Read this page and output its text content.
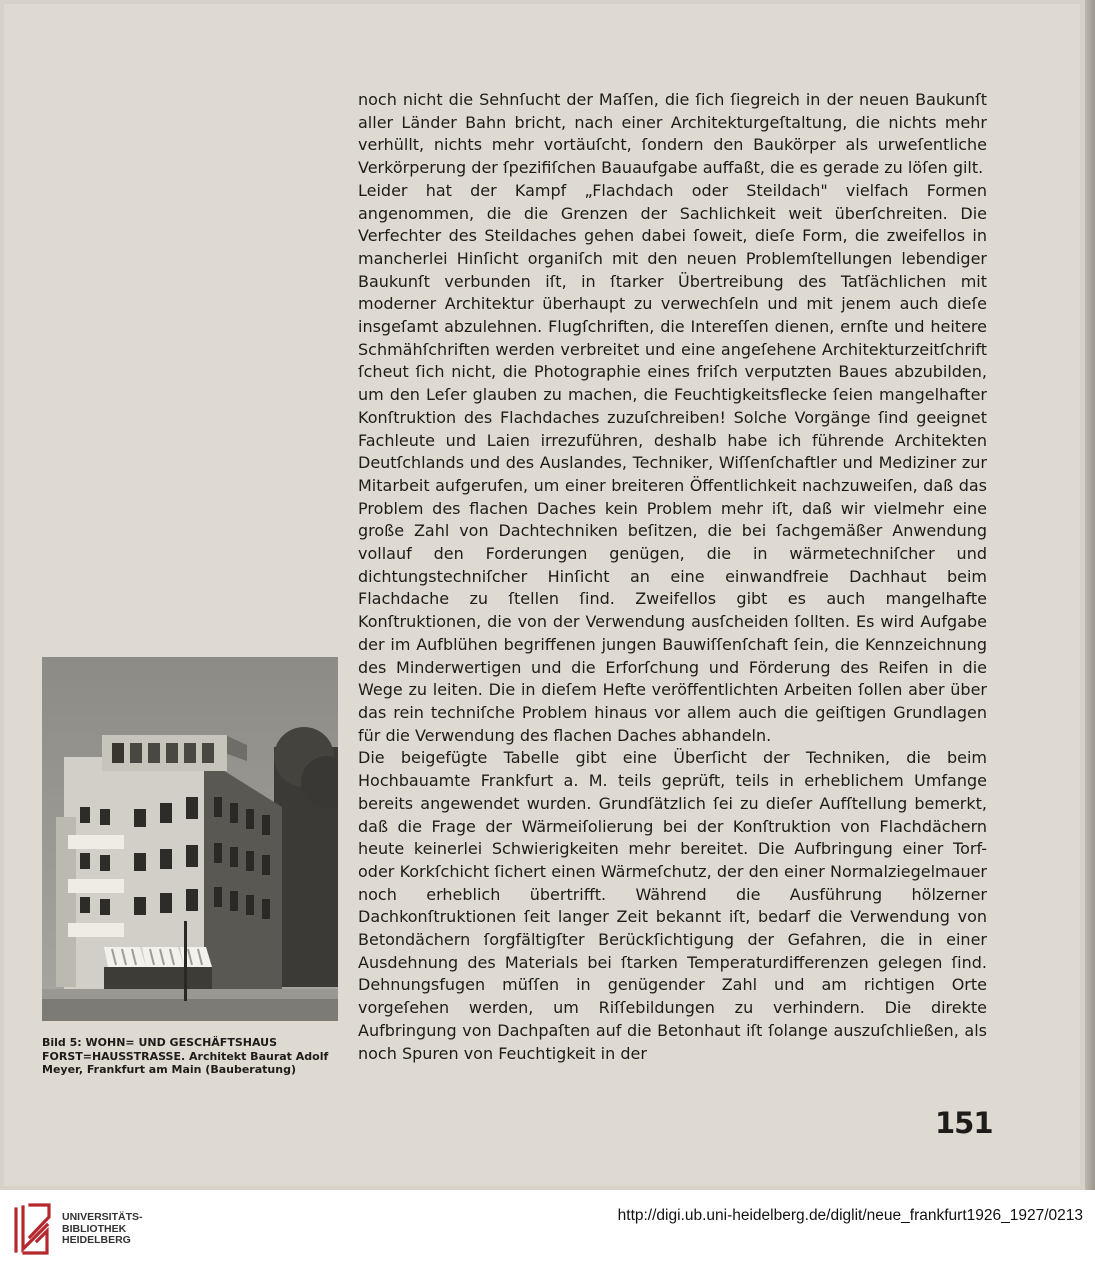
noch nicht die Sehnſucht der Maſſen, die ſich ſiegreich in der neuen Baukunſt aller Länder Bahn bricht, nach einer Architekturgeſtaltung, die nichts mehr verhüllt, nichts mehr vortäuſcht, ſondern den Baukörper als urweſentliche Verkörperung der ſpezifiſchen Bauaufgabe auffaßt, die es gerade zu löſen gilt.

Leider hat der Kampf „Flachdach oder Steildach" vielfach Formen angenommen, die die Grenzen der Sachlichkeit weit überſchreiten. Die Verfechter des Steildaches gehen dabei ſoweit, dieſe Form, die zweifellos in mancherlei Hinſicht organiſch mit den neuen Problemſtellungen lebendiger Baukunſt verbunden iſt, in ſtarker Übertreibung des Tatſächlichen mit moderner Architektur überhaupt zu verwechſeln und mit jenem auch dieſe insgeſamt abzulehnen. Flugſchriften, die Intereſſen dienen, ernſte und heitere Schmähſchriften werden verbreitet und eine angeſehene Architekturzeitſchrift ſcheut ſich nicht, die Photographie eines friſch verputzten Baues abzubilden, um den Leſer glauben zu machen, die Feuchtigkeitsflecke ſeien mangelhafter Konſtruktion des Flachdaches zuzuſchreiben! Solche Vorgänge ſind geeignet Fachleute und Laien irrezuführen, deshalb habe ich führende Architekten Deutſchlands und des Auslandes, Techniker, Wiſſenſchaftler und Mediziner zur Mitarbeit aufgerufen, um einer breiteren Öffentlichkeit nachzuweiſen, daß das Problem des flachen Daches kein Problem mehr iſt, daß wir vielmehr eine große Zahl von Dachtechniken beſitzen, die bei ſachgemäßer Anwendung vollauf den Forderungen genügen, die in wärmetechniſcher und dichtungstechniſcher Hinſicht an eine einwandfreie Dachhaut beim Flachdache zu ſtellen ſind. Zweifellos gibt es auch mangelhafte Konſtruktionen, die von der Verwendung ausſcheiden ſollten. Es wird Aufgabe der im Aufblühen begriffenen jungen Bauwiſſenſchaft ſein, die Kennzeichnung des Minderwertigen und die Erforſchung und Förderung des Reifen in die Wege zu leiten. Die in dieſem Hefte veröffentlichten Arbeiten ſollen aber über das rein techniſche Problem hinaus vor allem auch die geiſtigen Grundlagen für die Verwendung des flachen Daches abhandeln.

Die beigefügte Tabelle gibt eine Überſicht der Techniken, die beim Hochbauamte Frankfurt a. M. teils geprüft, teils in erheblichem Umfange bereits angewendet wurden. Grundſätzlich ſei zu dieſer Aufſtellung bemerkt, daß die Frage der Wärmeiſolierung bei der Konſtruktion von Flachdächern heute keinerlei Schwierigkeiten mehr bereitet. Die Aufbringung einer Torf- oder Korkſchicht ſichert einen Wärmeſchutz, der den einer Normalziegelmauer noch erheblich übertrifft. Während die Ausführung hölzerner Dachkonſtruktionen ſeit langer Zeit bekannt iſt, bedarf die Verwendung von Betondächern ſorgfältigſter Berückſichtigung der Gefahren, die in einer Ausdehnung des Materials bei ſtarken Temperaturdifferenzen gelegen ſind. Dehnungsfugen müſſen in genügender Zahl und am richtigen Orte vorgeſehen werden, um Riſſebildungen zu verhindern. Die direkte Aufbringung von Dachpaſten auf die Betonhaut iſt ſolange auszuſchließen, als noch Spuren von Feuchtigkeit in der

Bild 5: WOHN= UND GESCHÄFTSHAUS FORST=HAUSSTRASSE. Architekt Baurat Adolf Meyer, Frankfurt am Main (Bauberatung)

151
UNIVERSITÄTS-
BIBLIOTHEK
HEIDELBERG
http://digi.ub.uni-heidelberg.de/diglit/neue_frankfurt1926_1927/0213
